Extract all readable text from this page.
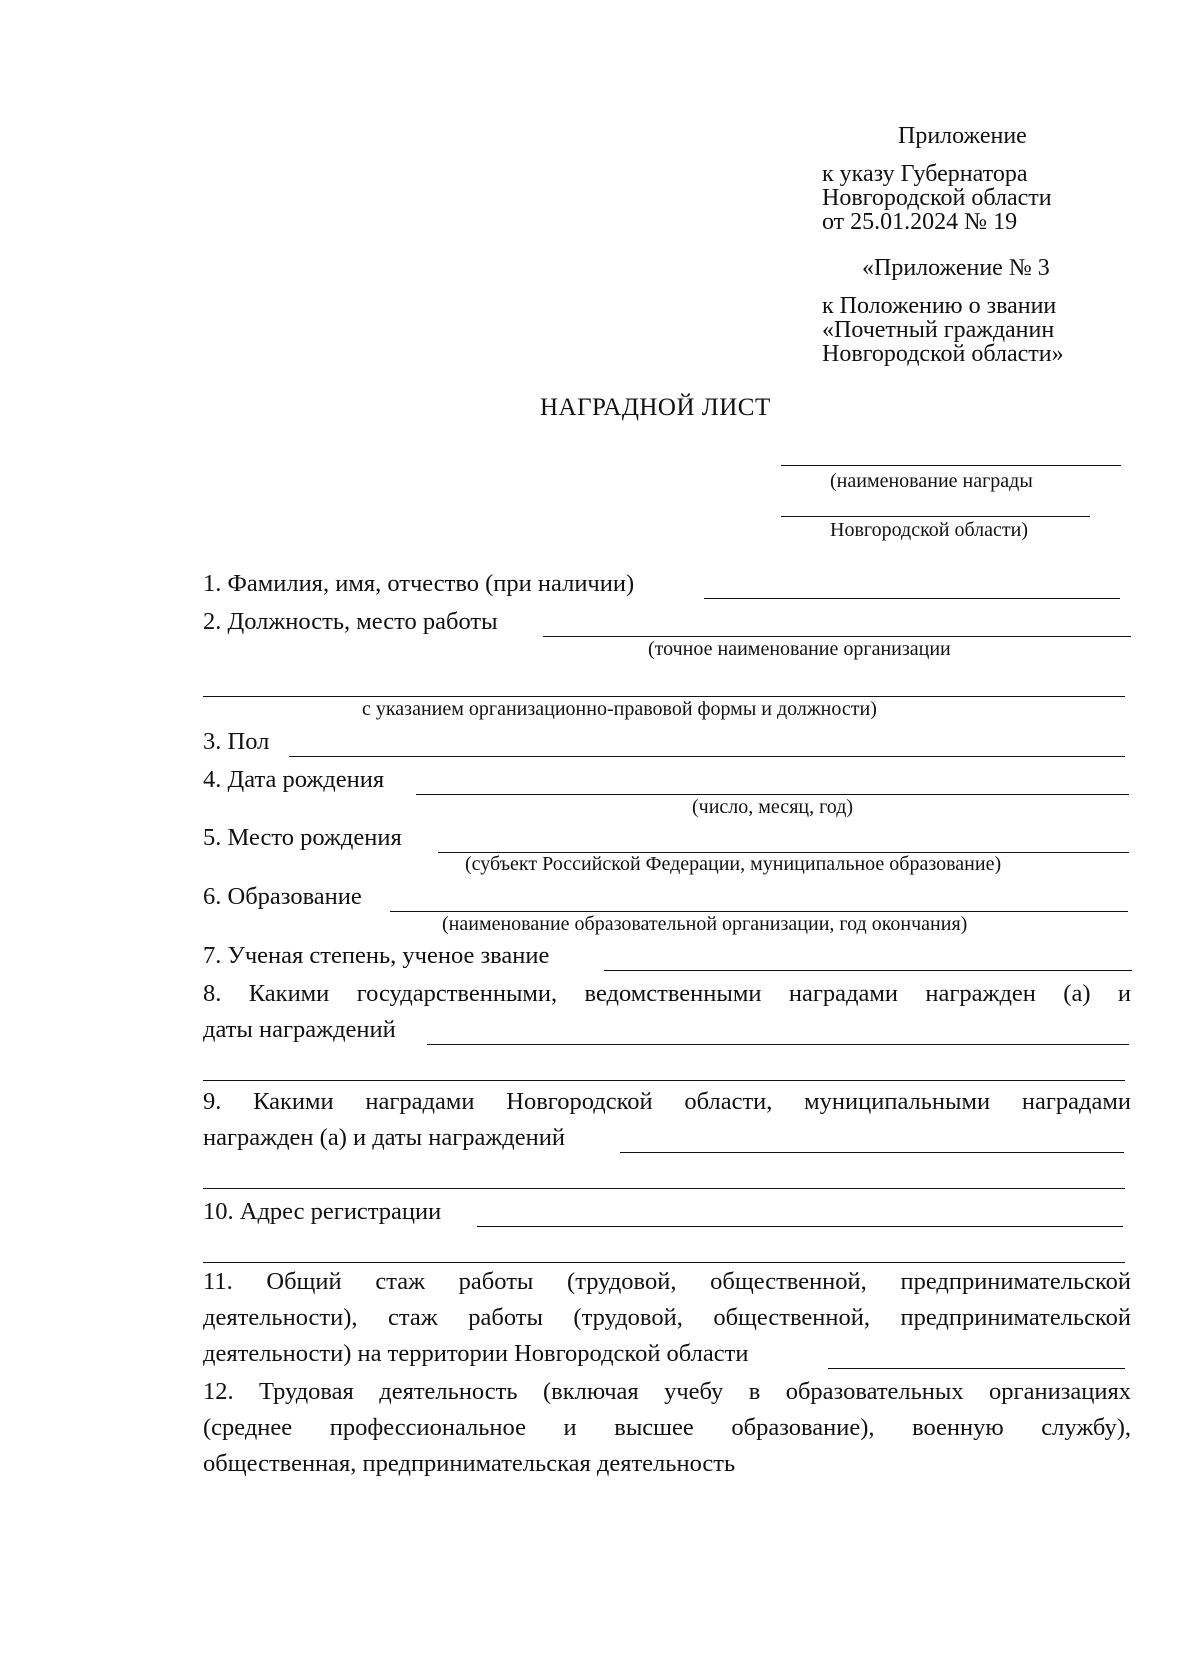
Приложение
к указу Губернатора
Новгородской области
от 25.01.2024 № 19
«Приложение № 3
к Положению о звании
«Почетный гражданин
Новгородской области»
НАГРАДНОЙ ЛИСТ
(наименование награды
Новгородской области)
1. Фамилия, имя, отчество (при наличии)
2. Должность, место работы
(точное наименование организации
с указанием организационно-правовой формы и должности)
3. Пол
4. Дата рождения
(число, месяц, год)
5. Место рождения
(субъект Российской Федерации, муниципальное образование)
6. Образование
(наименование образовательной организации, год окончания)
7. Ученая степень, ученое звание
8. Какими государственными, ведомственными наградами награжден (а) и
даты награждений
9. Какими наградами Новгородской области, муниципальными наградами
награжден (а) и даты награждений
10. Адрес регистрации
11. Общий стаж работы (трудовой, общественной, предпринимательской
деятельности), стаж работы (трудовой, общественной, предпринимательской
деятельности) на территории Новгородской области
12. Трудовая деятельность (включая учебу в образовательных организациях
(среднее профессиональное и высшее образование), военную службу),
общественная, предпринимательская деятельность
